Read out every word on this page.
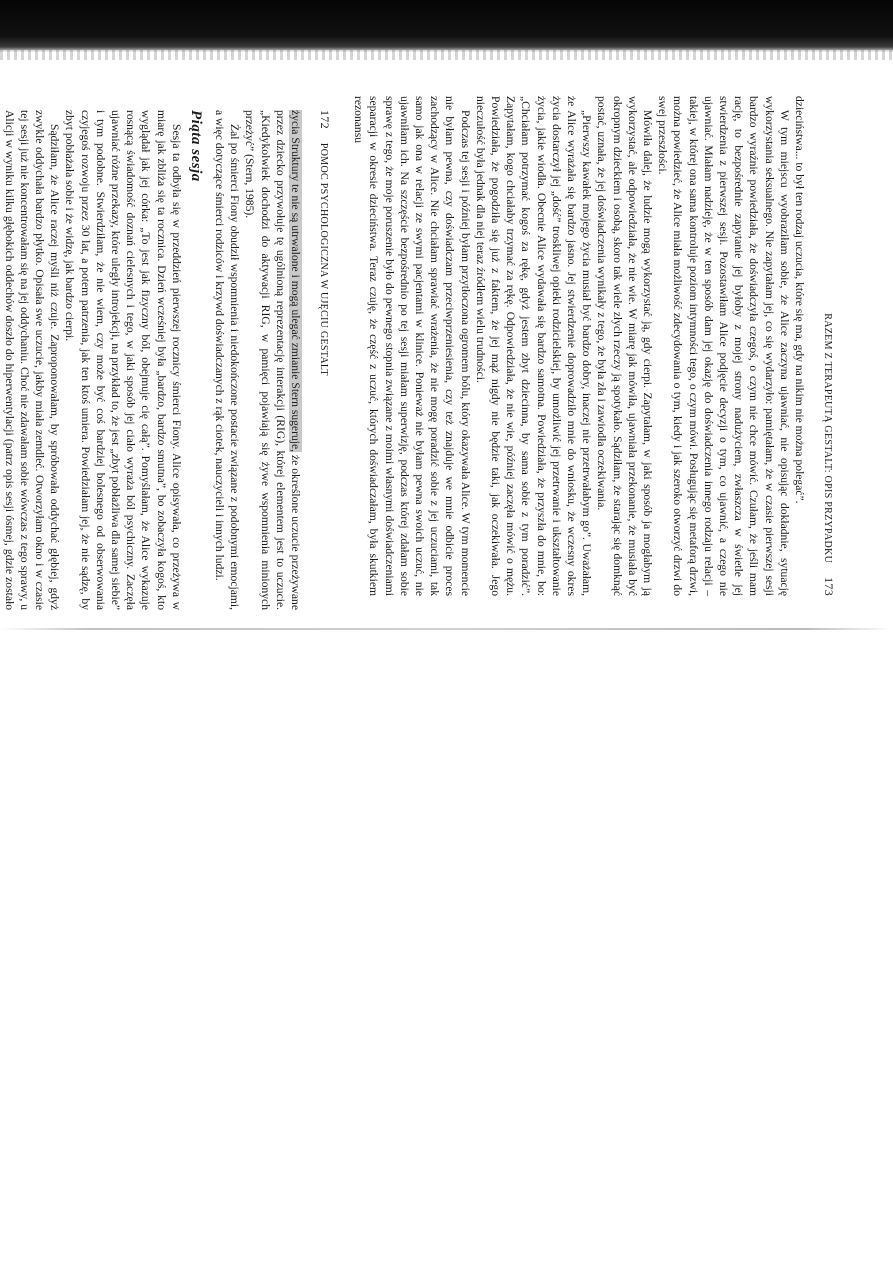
172
POMOC PSYCHOLOGICZNA W UJĘCIU GESTALT

życia Struktury te nie są utrwalone i mogą ulegać zmianie Stern sugeruje, że określone uczucie przeżywane przez dziecko przywołuje tę ugólnioną reprezentację interakcji (RIG), której elementem jest to uczucie. „Kiedykolwiek dochodzi do aktywacji RIG, w pamięci pojawiają się żywe wspomnienia minionych przeżyć” (Stern, 1985).

Żal po śmierci Fiony obudził wspomnienia i niedokończone postacie związane z podobnymi emocjami, a więc dotyczące śmierci rodziców i krzywd doświadczanych z rąk ciotek, nauczycieli i innych ludzi.

Piąta sesja

Sesja ta odbyła się w przeddzień pierwszej rocznicy śmierci Fiony. Alice opisywała, co przeżywa w miarę jak zbliża się ta rocznica. Dzień wcześniej była „bardzo, bardzo smutna”, bo zobaczyła kogoś, kto wyglądał jak jej córka: „To jest jak fizyczny ból, obejmuje cię całą”. Pomyślałam, że Alice wykazuje rosnącą świadomość doznań cielesnych i tego, w jaki sposób jej ciało wyraża ból psychiczny. Zaczęła ujawniać różne przekazy, które uległy introjekcji, na przykład to, że jest „zbyt pobłażliwa dla samej siebie” i tym podobne. Stwierdziłam, że nie wiem, czy może być coś bardziej bolesnego od obserwowania czyjegoś rozwoju przez 30 lat, a potem patrzenia, jak ten ktoś umiera. Powiedziałam jej, że nie sądzę, by zbyt pobłażała sobie i że widzę, jak bardzo cierpi.

Sądziłam, że Alice raczej myśli niż czuje. Zaproponowałam, by spróbowała oddychać głębiej, gdyż zwykle oddychała bardzo płytko. Opisała swe uczucie, jakby miała zemdleć. Otworzyłam okno i w czasie tej sesji już nie koncentrowałam się na jej oddychaniu. Choć nie zdawałam sobie wówczas z tego sprawy, u Alicji w wyniku kilku głębokich oddechów doszło do hiperwentylacji (patrz opis sesji ósmej, gdzie zostało

RAZEM Z TERAPEUTĄ GESTALT: OPIS PRZYPADKU
173

dzieciństwa... to był ten rodzaj uczucia, które się ma, gdy na nikim nie można polegać”.

W tym miejscu wyobraziłam sobie, że Alice zaczyna ujawniać, nie opisując dokładnie, sytuację wykorzystania seksualnego. Nie zapytałam jej, co się wydarzyło: pamiętałam, że w czasie pierwszej sesji bardzo wyraźnie powiedziała, że doświadczyła czegoś, o czym nie chce mówić. Czułam, że jeśli mam rację, to bezpośrednie zapytanie jej byłoby z mojej strony nadużyciem, zwłaszcza w świetle jej stwierdzenia z pierwszej sesji. Pozostawiłam Alice podjęcie decyzji o tym, co ujawnić, a czego nie ujawniać. Miałam nadzieję, że w ten sposób dam jej okazję do doświadczenia innego rodzaju relacji – takiej, w której ona sama kontroluje poziom intymności tego, o czym mówi. Posługując się metaforą drzwi, można powiedzieć, że Alice miała możliwość zdecydowania o tym, kiedy i jak szeroko otworzyć drzwi do swej przeszłości.

Mówiła dalej, że ludzie mogą wykorzystać ją, gdy cierpi. Zapytałam, w jaki sposób ja mogłabym ją wykorzystać, ale odpowiedziała, że nie wie. W miarę jak mówiła, ujawniała przekonanie, że musiała być okropnym dzieckiem i osobą, skoro tak wiele złych rzeczy ją spotykało. Sądziłam, że starając się domknąć postać, uznała, że jej doświadczenia wynikały z tego, że była zła i zawiodła oczekiwania.

„Pierwszy kawałek mojego życia musiał być bardzo dobry, inaczej nie przetrwałabym go”. Uważałam, że Alice wyrażała się bardzo jasno. Jej stwierdzenie doprowadziło mnie do wniosku, że wczesny okres życia dostarczył jej „dość” troskliwej opieki rodzicielskiej, by umożliwić jej przetrwanie i ukształtowanie życia, jakie wiodła. Obecnie Alice wydawała się bardzo samotna. Powiedziała, że przyszła do mnie, bo: „Chciałam potrzymać kogoś za rękę, gdyż jestem zbyt dziecinna, by sama sobie z tym poradzić”. Zapytałam, kogo chciałaby trzymać za rękę. Odpowiedziała, że nie wie, później zaczęła mówić o mężu. Powiedziała, że pogodziła się już z faktem, że jej mąż nigdy nie będzie taki, jak oczekiwała. Jego nieczułość była jednak dla niej teraz źródłem wielu trudności.

Podczas tej sesji i później byłam przytłoczona ogromem bólu, który okazywała Alice. W tym momencie nie byłam pewna, czy doświadczam przeciwprzeniesienia, czy też znajduje we mnie odbicie proces zachodzący w Alice. Nie chciałam sprawiać wrażenia, że nie mogę poradzić sobie z jej uczuciami, tak samo jak ona w relacji ze swymi pacjentami w klinice. Ponieważ nie byłam pewna swoich uczuć, nie ujawniłam ich. Na szczęście bezpośrednio po tej sesji miałam superwizję, podczas której zdałam sobie sprawę z tego, że moje poruszenie było do pewnego stopnia związane z moimi własnymi doświadczeniami separacji w okresie dzieciństwa. Teraz czuję, że część z uczuć, których doświadczałam, była skutkiem rezonansu
